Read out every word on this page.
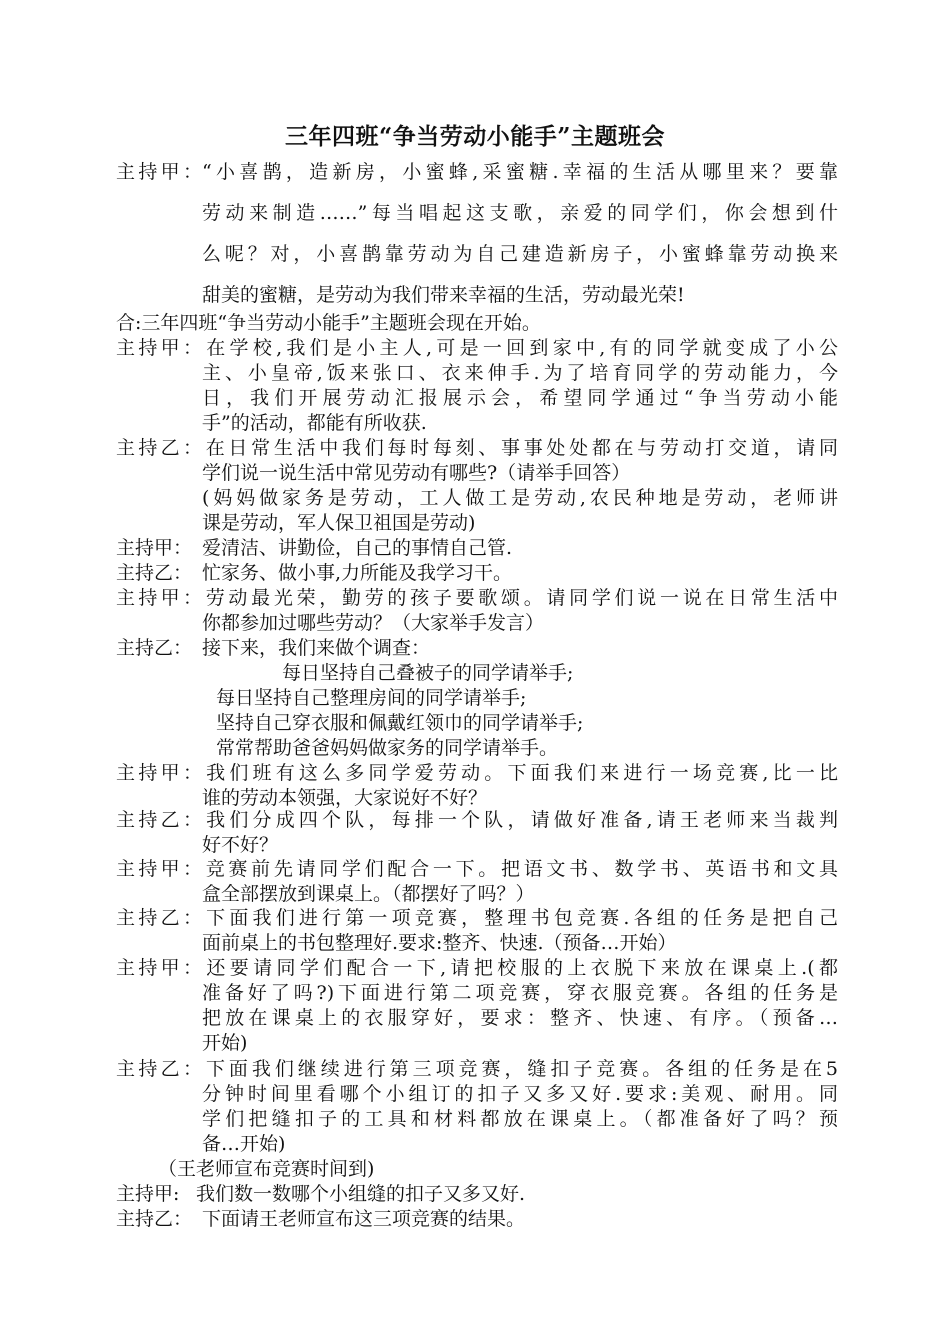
三年四班“争当劳动小能手”主题班会
主持甲：“小喜鹊，造新房，小蜜蜂,采蜜糖.幸福的生活从哪里来？要靠
劳动来制造……”每当唱起这支歌，亲爱的同学们，你会想到什
么呢？对，小喜鹊靠劳动为自己建造新房子，小蜜蜂靠劳动换来
甜美的蜜糖，是劳动为我们带来幸福的生活，劳动最光荣!
合:三年四班“争当劳动小能手”主题班会现在开始。
主持甲：在学校,我们是小主人,可是一回到家中,有的同学就变成了小公
主、小皇帝,饭来张口、衣来伸手.为了培育同学的劳动能力，今
日，我们开展劳动汇报展示会，希望同学通过“争当劳动小能
手”的活动，都能有所收获.
主持乙：在日常生活中我们每时每刻、事事处处都在与劳动打交道，请同
学们说一说生活中常见劳动有哪些?（请举手回答）
(妈妈做家务是劳动，工人做工是劳动,农民种地是劳动，老师讲
课是劳动，军人保卫祖国是劳动)
主持甲： 爱清洁、讲勤俭，自己的事情自己管.
主持乙： 忙家务、做小事,力所能及我学习干。
主持甲：劳动最光荣，勤劳的孩子要歌颂。请同学们说一说在日常生活中
你都参加过哪些劳动？（大家举手发言）
主持乙： 接下来，我们来做个调查：
每日坚持自己叠被子的同学请举手;
每日坚持自己整理房间的同学请举手;
坚持自己穿衣服和佩戴红领巾的同学请举手;
常常帮助爸爸妈妈做家务的同学请举手。
主持甲：我们班有这么多同学爱劳动。下面我们来进行一场竞赛,比一比
谁的劳动本领强，大家说好不好？
主持乙：我们分成四个队，每排一个队，请做好准备,请王老师来当裁判
好不好？
主持甲：竞赛前先请同学们配合一下。把语文书、数学书、英语书和文具
盒全部摆放到课桌上。（都摆好了吗？）
主持乙：下面我们进行第一项竞赛，整理书包竞赛.各组的任务是把自己
面前桌上的书包整理好.要求:整齐、快速.（预备…开始）
主持甲：还要请同学们配合一下,请把校服的上衣脱下来放在课桌上.(都
准备好了吗?)下面进行第二项竞赛，穿衣服竞赛。各组的任务是
把放在课桌上的衣服穿好，要求：整齐、快速、有序。（预备…
开始)
主持乙：下面我们继续进行第三项竞赛，缝扣子竞赛。各组的任务是在5
分钟时间里看哪个小组订的扣子又多又好.要求:美观、耐用。同
学们把缝扣子的工具和材料都放在课桌上。（都准备好了吗？预
备…开始)
（王老师宣布竞赛时间到)
主持甲: 我们数一数哪个小组缝的扣子又多又好.
主持乙： 下面请王老师宣布这三项竞赛的结果。
